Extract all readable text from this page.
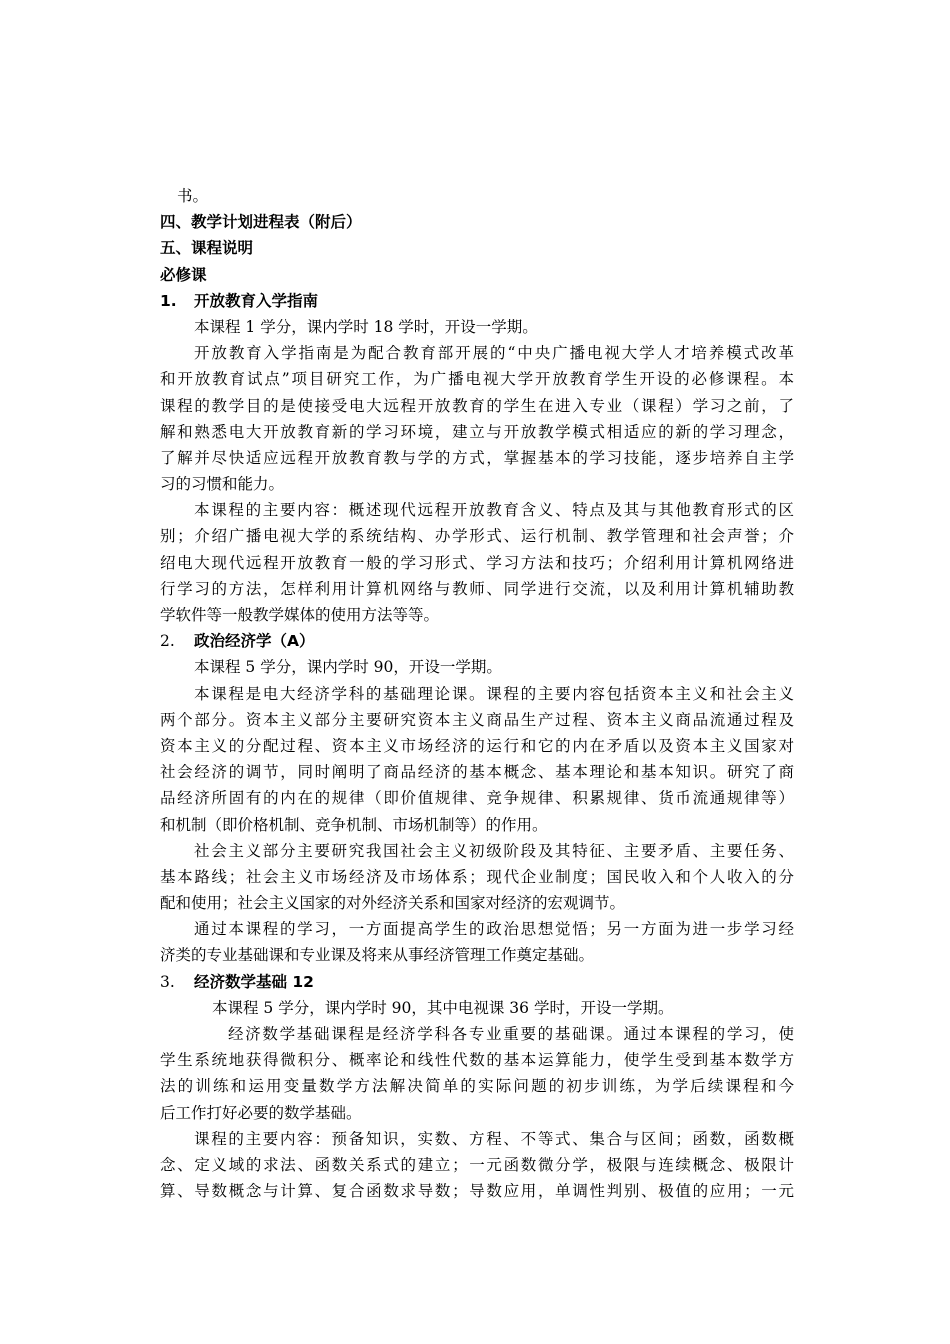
书。
四、教学计划进程表（附后）
五、课程说明
必修课
1. 开放教育入学指南
本课程 1 学分，课内学时 18 学时，开设一学期。
开放教育入学指南是为配合教育部开展的“中央广播电视大学人才培养模式改革
和开放教育试点”项目研究工作，为广播电视大学开放教育学生开设的必修课程。本
课程的教学目的是使接受电大远程开放教育的学生在进入专业（课程）学习之前，了
解和熟悉电大开放教育新的学习环境，建立与开放教学模式相适应的新的学习理念，
了解并尽快适应远程开放教育教与学的方式，掌握基本的学习技能，逐步培养自主学
习的习惯和能力。
本课程的主要内容：概述现代远程开放教育含义、特点及其与其他教育形式的区
别；介绍广播电视大学的系统结构、办学形式、运行机制、教学管理和社会声誉；介
绍电大现代远程开放教育一般的学习形式、学习方法和技巧；介绍利用计算机网络进
行学习的方法，怎样利用计算机网络与教师、同学进行交流，以及利用计算机辅助教
学软件等一般教学媒体的使用方法等等。
2. 政治经济学（A）
本课程 5 学分，课内学时 90，开设一学期。
本课程是电大经济学科的基础理论课。课程的主要内容包括资本主义和社会主义
两个部分。资本主义部分主要研究资本主义商品生产过程、资本主义商品流通过程及
资本主义的分配过程、资本主义市场经济的运行和它的内在矛盾以及资本主义国家对
社会经济的调节，同时阐明了商品经济的基本概念、基本理论和基本知识。研究了商
品经济所固有的内在的规律（即价值规律、竞争规律、积累规律、货币流通规律等）
和机制（即价格机制、竞争机制、市场机制等）的作用。
社会主义部分主要研究我国社会主义初级阶段及其特征、主要矛盾、主要任务、
基本路线；社会主义市场经济及市场体系；现代企业制度；国民收入和个人收入的分
配和使用；社会主义国家的对外经济关系和国家对经济的宏观调节。
通过本课程的学习，一方面提高学生的政治思想觉悟；另一方面为进一步学习经
济类的专业基础课和专业课及将来从事经济管理工作奠定基础。
3. 经济数学基础 12
本课程 5 学分，课内学时 90，其中电视课 36 学时，开设一学期。
经济数学基础课程是经济学科各专业重要的基础课。通过本课程的学习，使
学生系统地获得微积分、概率论和线性代数的基本运算能力，使学生受到基本数学方
法的训练和运用变量数学方法解决简单的实际问题的初步训练，为学后续课程和今
后工作打好必要的数学基础。
课程的主要内容：预备知识，实数、方程、不等式、集合与区间；函数，函数概
念、定义域的求法、函数关系式的建立；一元函数微分学，极限与连续概念、极限计
算、导数概念与计算、复合函数求导数；导数应用，单调性判别、极值的应用；一元
